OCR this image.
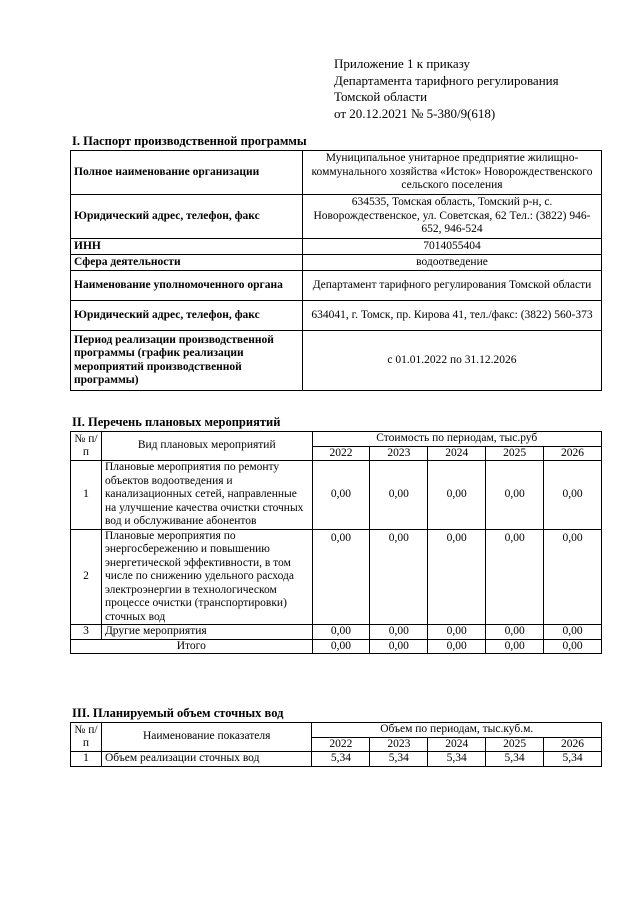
Приложение 1 к приказу
Департамента тарифного регулирования
Томской области
от 20.12.2021 № 5-380/9(618)
I. Паспорт производственной программы
Полное наименование организации	Муниципальное унитарное предприятие жилищно-коммунального хозяйства «Исток» Новорождественского сельского поселения
Юридический адрес, телефон, факс	634535, Томская область, Томский р-н, с. Новорождественское, ул. Советская, 62 Тел.: (3822) 946-652, 946-524
ИНН	7014055404
Сфера деятельности	водоотведение
Наименование уполномоченного органа	Департамент тарифного регулирования Томской области
Юридический адрес, телефон, факс	634041, г. Томск, пр. Кирова 41, тел./факс: (3822) 560-373
Период реализации производственной программы (график реализации мероприятий производственной программы)	с 01.01.2022 по 31.12.2026
II. Перечень плановых мероприятий
№ п/п	Вид плановых мероприятий	Стоимость по периодам, тыс.руб				
		2022	2023	2024	2025	2026
1	Плановые мероприятия по ремонту объектов водоотведения и канализационных сетей, направленные на улучшение качества очистки сточных вод и обслуживание абонентов	0,00	0,00	0,00	0,00	0,00
2	Плановые мероприятия по энергосбережению и повышению энергетической эффективности, в том числе по снижению удельного расхода электроэнергии в технологическом процессе очистки (транспортировки) сточных вод	0,00	0,00	0,00	0,00	0,00
3	Другие мероприятия	0,00	0,00	0,00	0,00	0,00
Итого		0,00	0,00	0,00	0,00	0,00
III. Планируемый объем сточных вод
№ п/п	Наименование показателя	Объем по периодам, тыс.куб.м.				
		2022	2023	2024	2025	2026
1	Объем реализации сточных вод	5,34	5,34	5,34	5,34	5,34
